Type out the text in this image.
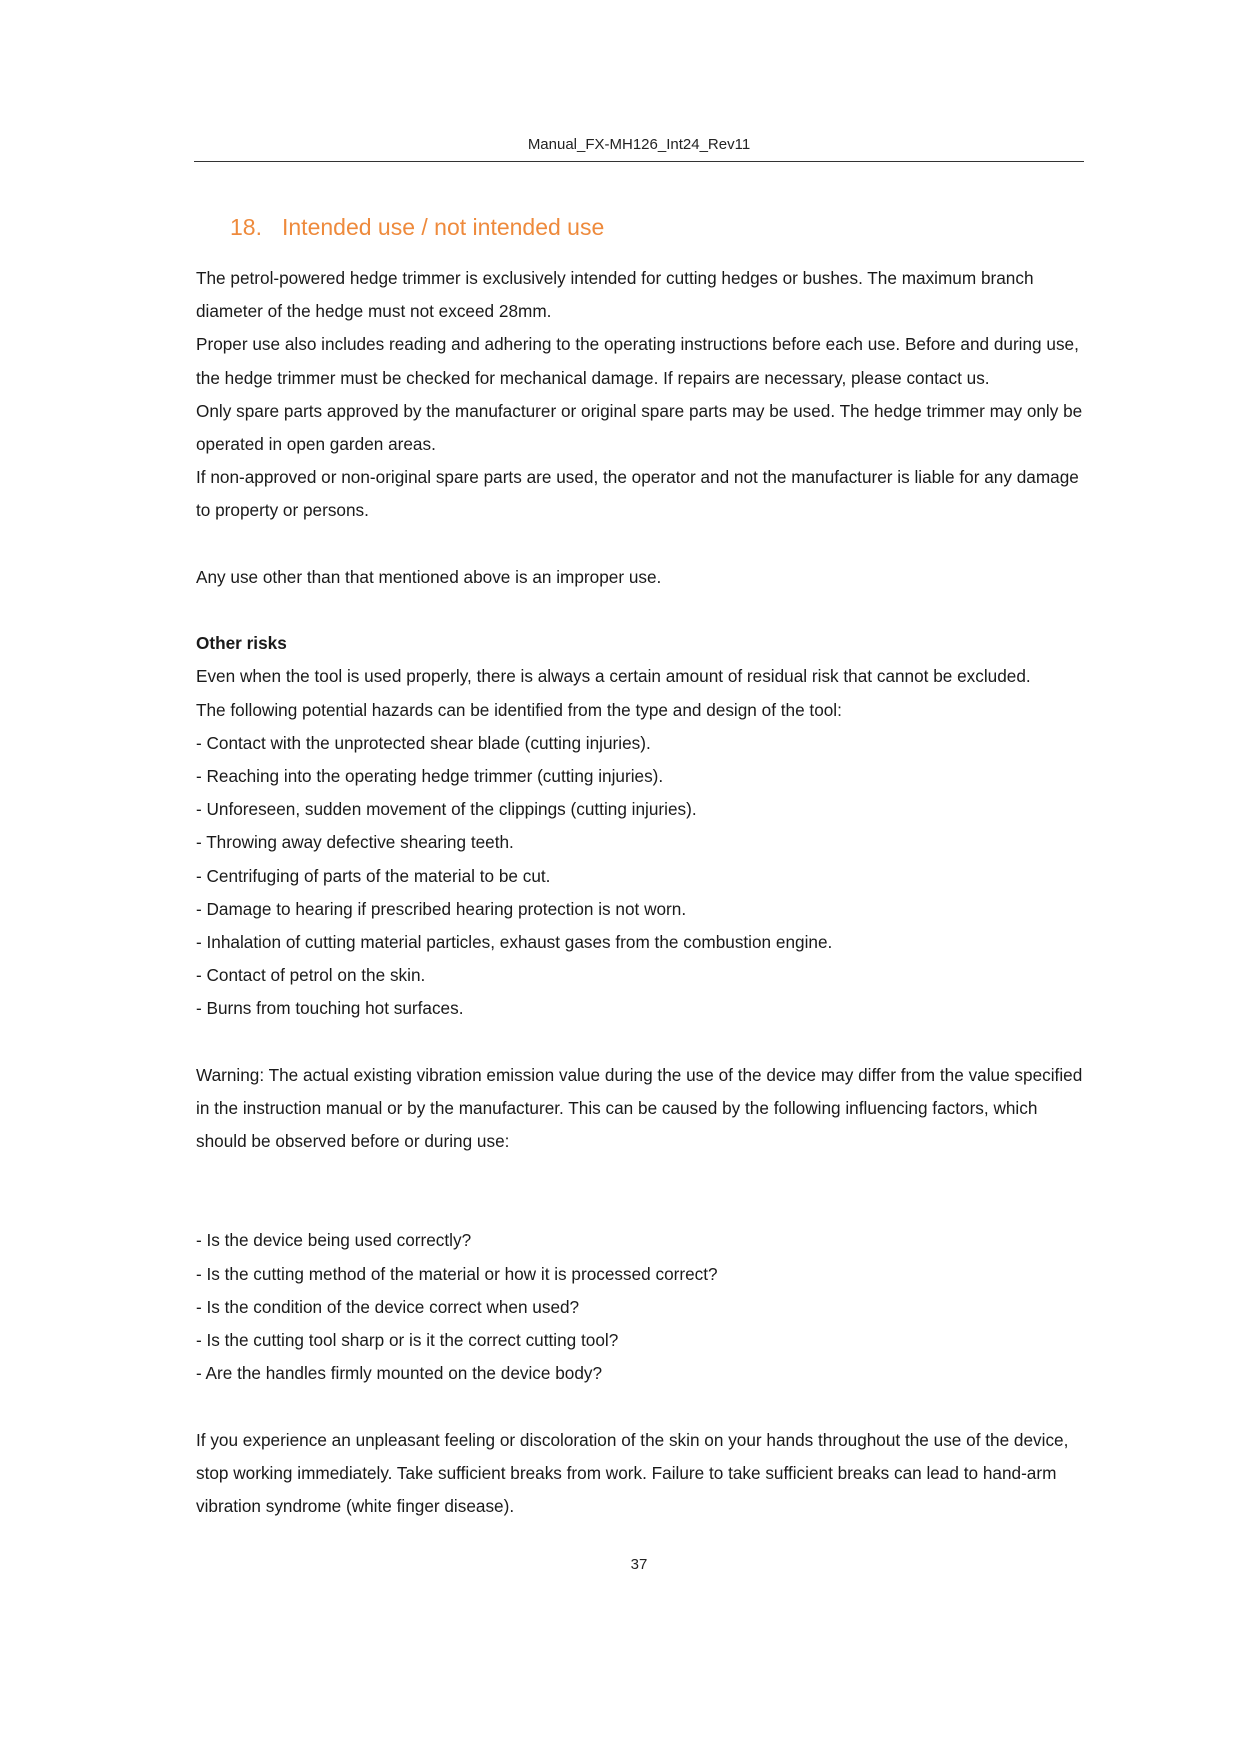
Manual_FX-MH126_Int24_Rev11
18. Intended use / not intended use

The petrol-powered hedge trimmer is exclusively intended for cutting hedges or bushes. The maximum branch diameter of the hedge must not exceed 28mm.

Proper use also includes reading and adhering to the operating instructions before each use. Before and during use, the hedge trimmer must be checked for mechanical damage. If repairs are necessary, please contact us.

Only spare parts approved by the manufacturer or original spare parts may be used. The hedge trimmer may only be operated in open garden areas.

If non-approved or non-original spare parts are used, the operator and not the manufacturer is liable for any damage to property or persons.

Any use other than that mentioned above is an improper use.

Other risks

Even when the tool is used properly, there is always a certain amount of residual risk that cannot be excluded.

The following potential hazards can be identified from the type and design of the tool:

- Contact with the unprotected shear blade (cutting injuries).

- Reaching into the operating hedge trimmer (cutting injuries).

- Unforeseen, sudden movement of the clippings (cutting injuries).

- Throwing away defective shearing teeth.

- Centrifuging of parts of the material to be cut.

- Damage to hearing if prescribed hearing protection is not worn.

- Inhalation of cutting material particles, exhaust gases from the combustion engine.

- Contact of petrol on the skin.

- Burns from touching hot surfaces.

Warning: The actual existing vibration emission value during the use of the device may differ from the value specified in the instruction manual or by the manufacturer. This can be caused by the following influencing factors, which should be observed before or during use:

- Is the device being used correctly?

- Is the cutting method of the material or how it is processed correct?

- Is the condition of the device correct when used?

- Is the cutting tool sharp or is it the correct cutting tool?

- Are the handles firmly mounted on the device body?

If you experience an unpleasant feeling or discoloration of the skin on your hands throughout the use of the device, stop working immediately. Take sufficient breaks from work. Failure to take sufficient breaks can lead to hand-arm vibration syndrome (white finger disease).

37
